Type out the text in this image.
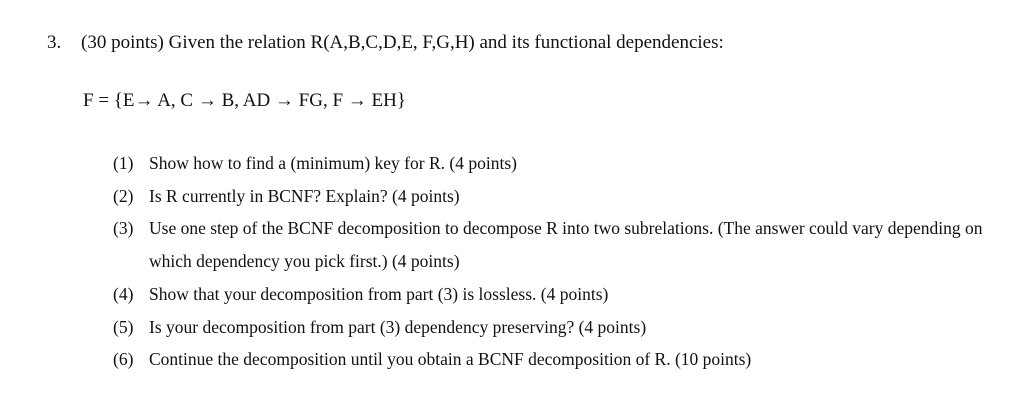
3. (30 points) Given the relation R(A,B,C,D,E, F,G,H) and its functional dependencies:
F = {E→ A, C → B, AD → FG, F → EH}
(1) Show how to find a (minimum) key for R. (4 points)
(2) Is R currently in BCNF? Explain? (4 points)
(3) Use one step of the BCNF decomposition to decompose R into two subrelations. (The answer could vary depending on which dependency you pick first.) (4 points)
(4) Show that your decomposition from part (3) is lossless. (4 points)
(5) Is your decomposition from part (3) dependency preserving? (4 points)
(6) Continue the decomposition until you obtain a BCNF decomposition of R. (10 points)
